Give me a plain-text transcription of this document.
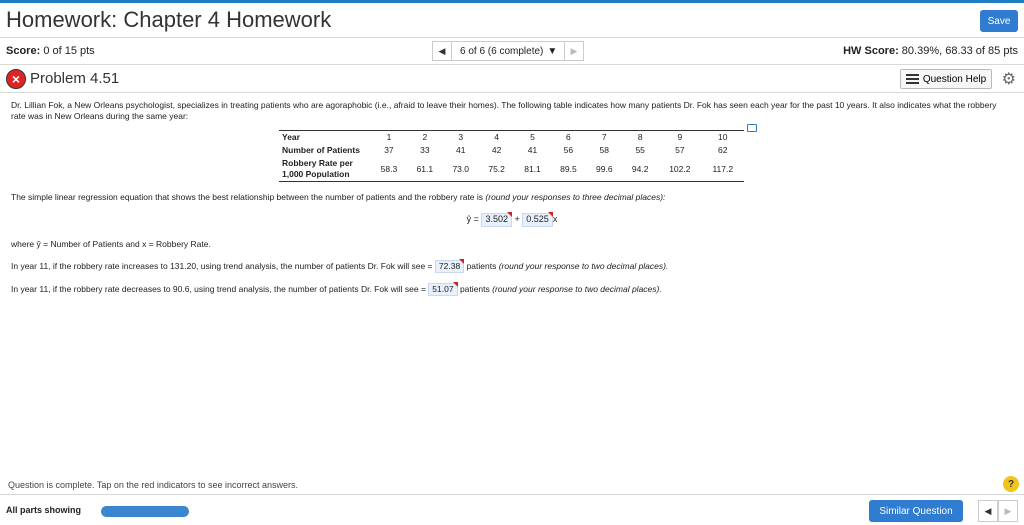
Homework: Chapter 4 Homework	Save
Score: 0 of 15 pts	◀	6 of 6 (6 complete) ▼	▶	HW Score: 80.39%, 68.33 of 85 pts
× Problem 4.51	Question Help ⚙

Dr. Lillian Fok, a New Orleans psychologist, specializes in treating patients who are agoraphobic (i.e., afraid to leave their homes). The following table indicates how many patients Dr. Fok has seen each year for the past 10 years. It also indicates what the robbery rate was in New Orleans during the same year:

Year	1	2	3	4	5	6	7	8	9	10
Number of Patients	37	33	41	42	41	56	58	55	57	62
Robbery Rate per 1,000 Population	58.3	61.1	73.0	75.2	81.1	89.5	99.6	94.2	102.2	117.2

The simple linear regression equation that shows the best relationship between the number of patients and the robbery rate is (round your responses to three decimal places):

ŷ = 3.502 + 0.525 x

where ŷ = Number of Patients and x = Robbery Rate.

In year 11, if the robbery rate increases to 131.20, using trend analysis, the number of patients Dr. Fok will see = 72.38 patients (round your response to two decimal places).

In year 11, if the robbery rate decreases to 90.6, using trend analysis, the number of patients Dr. Fok will see = 51.07 patients (round your response to two decimal places).

Question is complete. Tap on the red indicators to see incorrect answers.	?
All parts showing	Similar Question	◀	▶
